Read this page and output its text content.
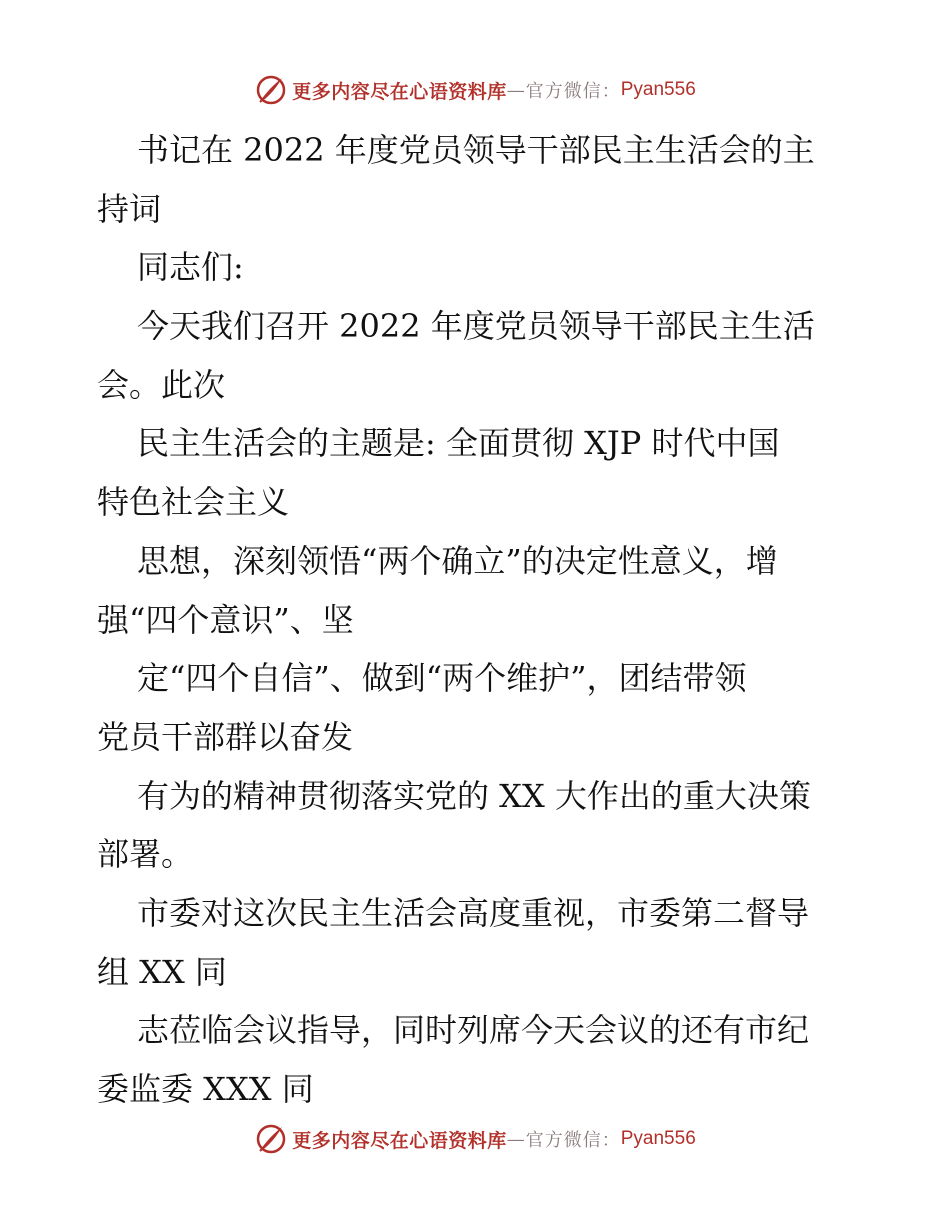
更多内容尽在心语资料库 — 官方微信： Pyan556
书记在 2022 年度党员领导干部民主生活会的主
持词
同志们:
今天我们召开 2022 年度党员领导干部民主生活
会。此次
民主生活会的主题是: 全面贯彻 XJP 时代中国
特色社会主义
思想，深刻领悟“两个确立”的决定性意义，增
强“四个意识”、坚
定“四个自信”、做到“两个维护”，团结带领
党员干部群以奋发
有为的精神贯彻落实党的 XX 大作出的重大决策
部署。
市委对这次民主生活会高度重视，市委第二督导
组 XX 同
志莅临会议指导，同时列席今天会议的还有市纪
委监委 XXX 同
更多内容尽在心语资料库 — 官方微信： Pyan556
